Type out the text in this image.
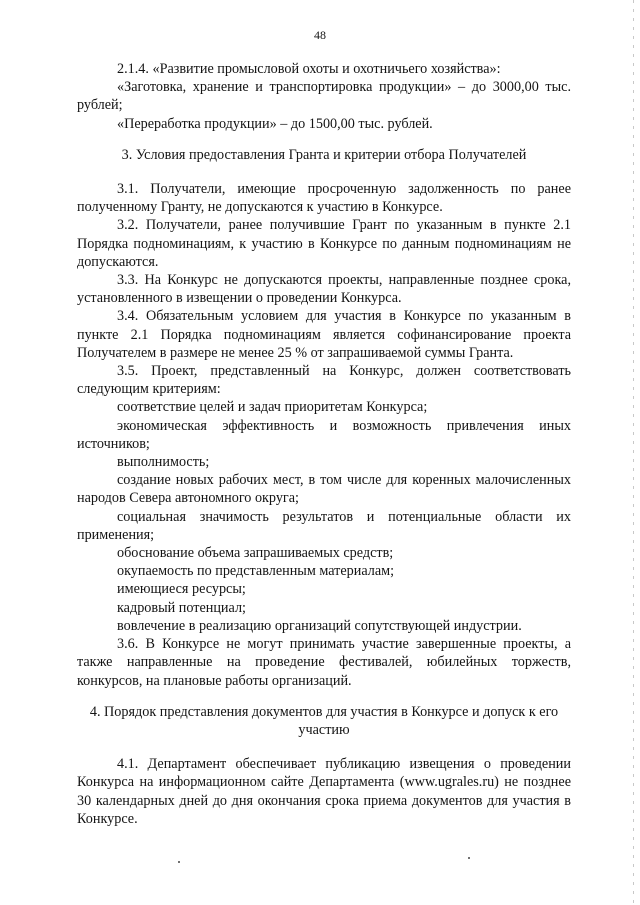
48

2.1.4. «Развитие промысловой охоты и охотничьего хозяйства»:

«Заготовка, хранение и транспортировка продукции» – до 3000,00 тыс. рублей;

«Переработка продукции» – до 1500,00 тыс. рублей.

3. Условия предоставления Гранта и критерии отбора Получателей

3.1. Получатели, имеющие просроченную задолженность по ранее полученному Гранту, не допускаются к участию в Конкурсе.

3.2. Получатели, ранее получившие Грант по указанным в пункте 2.1 Порядка подноминациям, к участию в Конкурсе по данным подноминациям не допускаются.

3.3. На Конкурс не допускаются проекты, направленные позднее срока, установленного в извещении о проведении Конкурса.

3.4. Обязательным условием для участия в Конкурсе по указанным в пункте 2.1 Порядка подноминациям является софинансирование проекта Получателем в размере не менее 25 % от запрашиваемой суммы Гранта.

3.5. Проект, представленный на Конкурс, должен соответствовать следующим критериям:

соответствие целей и задач приоритетам Конкурса;

экономическая эффективность и возможность привлечения иных источников;

выполнимость;

создание новых рабочих мест, в том числе для коренных малочисленных народов Севера автономного округа;

социальная значимость результатов и потенциальные области их применения;

обоснование объема запрашиваемых средств;

окупаемость по представленным материалам;

имеющиеся ресурсы;

кадровый потенциал;

вовлечение в реализацию организаций сопутствующей индустрии.

3.6. В Конкурсе не могут принимать участие завершенные проекты, а также направленные на проведение фестивалей, юбилейных торжеств, конкурсов, на плановые работы организаций.

4. Порядок представления документов для участия в Конкурсе и допуск к его участию

4.1. Департамент обеспечивает публикацию извещения о проведении Конкурса на информационном сайте Департамента (www.ugrales.ru) не позднее 30 календарных дней до дня окончания срока приема документов для участия в Конкурсе.
